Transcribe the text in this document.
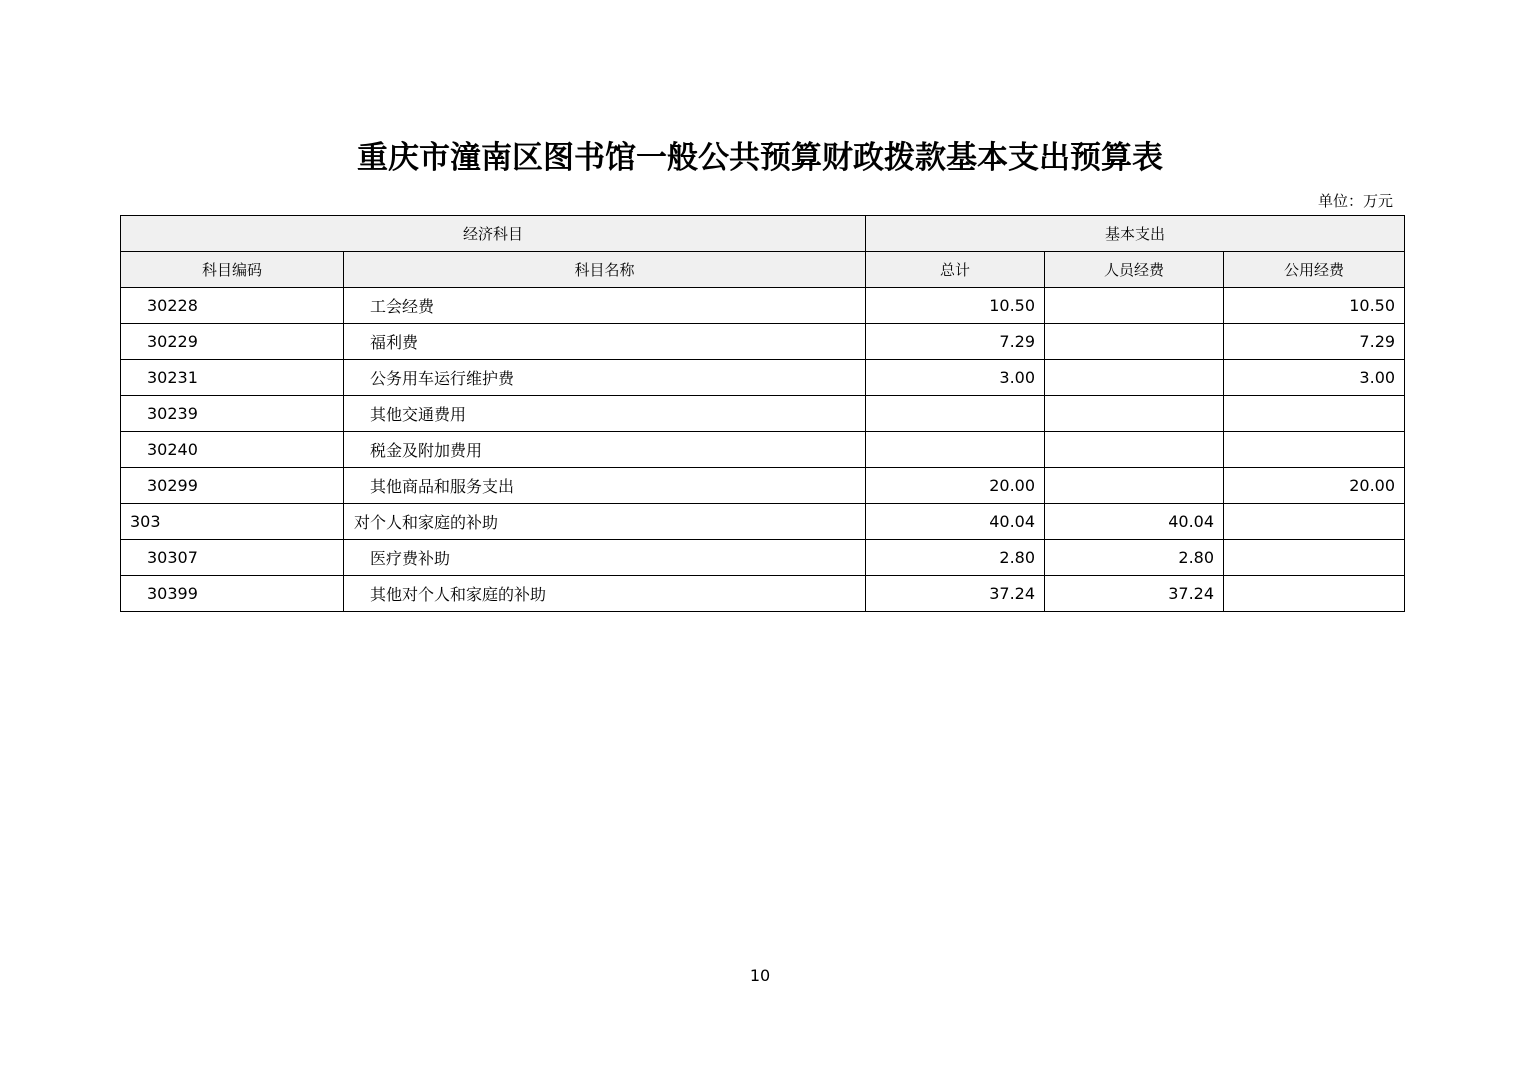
重庆市潼南区图书馆一般公共预算财政拨款基本支出预算表
单位：万元
经济科目		基本支出		
科目编码	科目名称	总计	人员经费	公用经费
30228	工会经费	10.50		10.50
30229	福利费	7.29		7.29
30231	公务用车运行维护费	3.00		3.00
30239	其他交通费用			
30240	税金及附加费用			
30299	其他商品和服务支出	20.00		20.00
303	对个人和家庭的补助	40.04	40.04	
30307	医疗费补助	2.80	2.80	
30399	其他对个人和家庭的补助	37.24	37.24	
10
